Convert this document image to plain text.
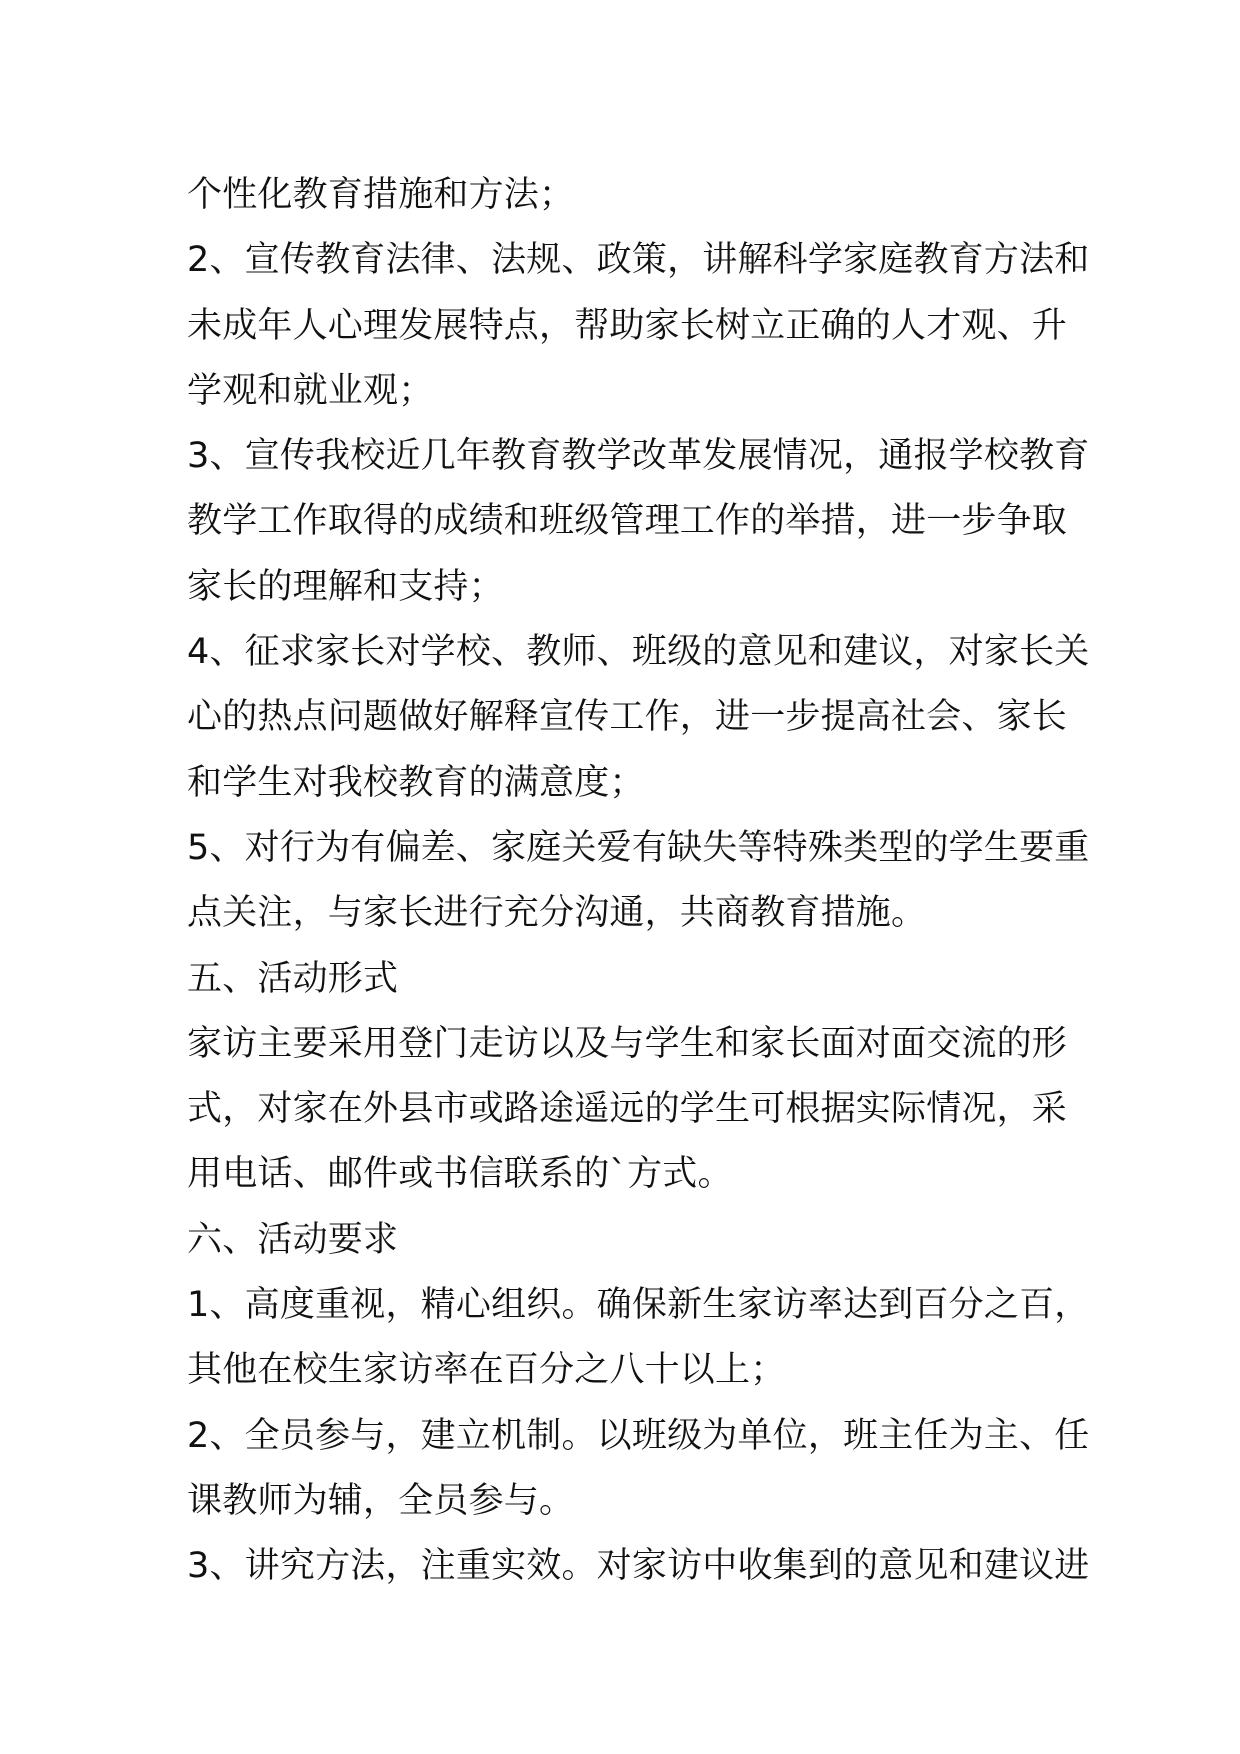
个性化教育措施和方法；
2、宣传教育法律、法规、政策，讲解科学家庭教育方法和
未成年人心理发展特点，帮助家长树立正确的人才观、升
学观和就业观；
3、宣传我校近几年教育教学改革发展情况，通报学校教育
教学工作取得的成绩和班级管理工作的举措，进一步争取
家长的理解和支持；
4、征求家长对学校、教师、班级的意见和建议，对家长关
心的热点问题做好解释宣传工作，进一步提高社会、家长
和学生对我校教育的满意度；
5、对行为有偏差、家庭关爱有缺失等特殊类型的学生要重
点关注，与家长进行充分沟通，共商教育措施。
五、活动形式
家访主要采用登门走访以及与学生和家长面对面交流的形
式，对家在外县市或路途遥远的学生可根据实际情况，采
用电话、邮件或书信联系的`方式。
六、活动要求
1、高度重视，精心组织。确保新生家访率达到百分之百，
其他在校生家访率在百分之八十以上；
2、全员参与，建立机制。以班级为单位，班主任为主、任
课教师为辅，全员参与。
3、讲究方法，注重实效。对家访中收集到的意见和建议进
